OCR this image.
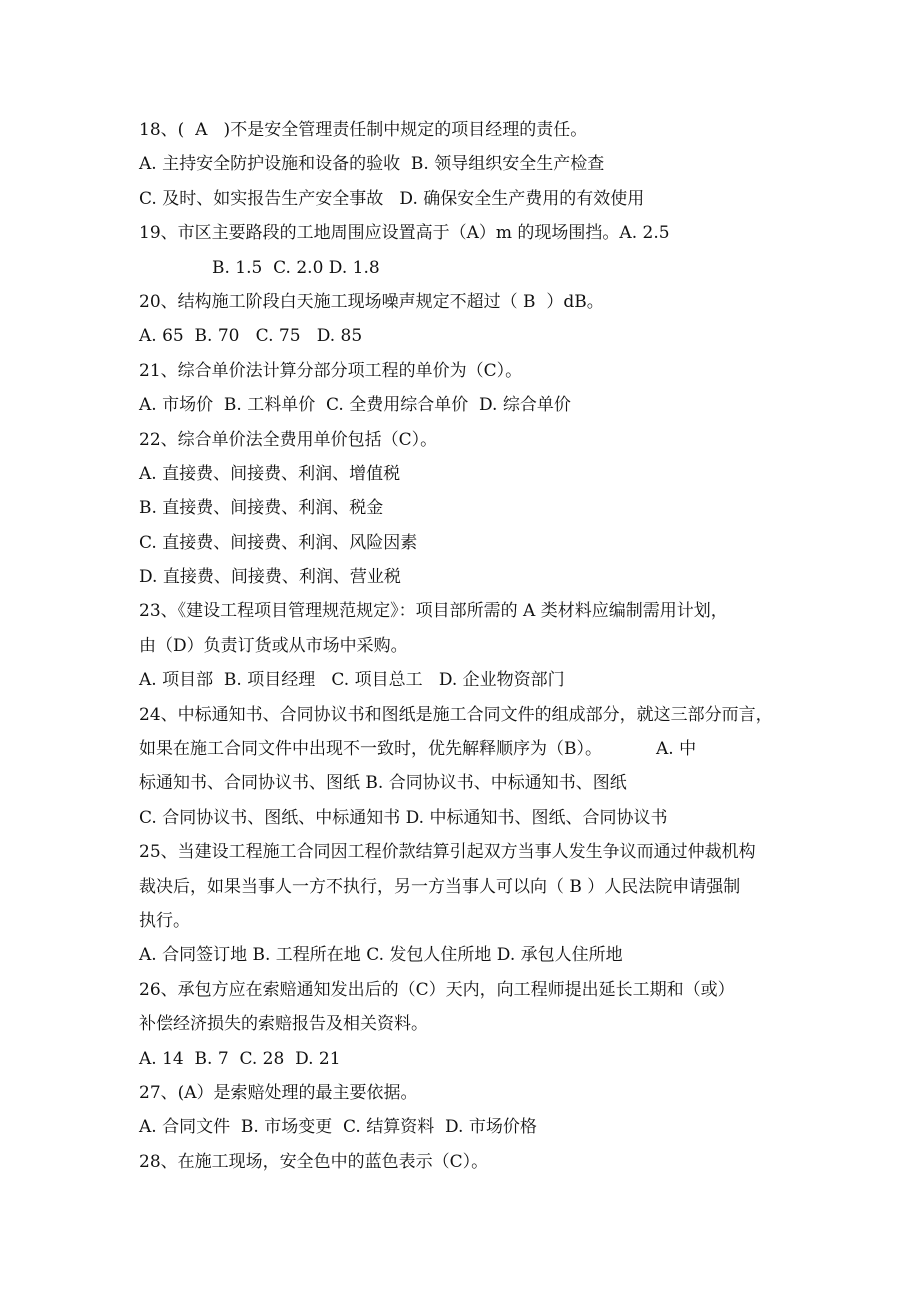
18、(  A   )不是安全管理责任制中规定的项目经理的责任。
A. 主持安全防护设施和设备的验收  B. 领导组织安全生产检查
C. 及时、如实报告生产安全事故   D. 确保安全生产费用的有效使用
19、市区主要路段的工地周围应设置高于（A）m 的现场围挡。A. 2.5
B. 1.5  C. 2.0 D. 1.8
20、结构施工阶段白天施工现场噪声规定不超过（ B  ）dB。
A. 65  B. 70   C. 75   D. 85
21、综合单价法计算分部分项工程的单价为（C）。
A. 市场价  B. 工料单价  C. 全费用综合单价  D. 综合单价
22、综合单价法全费用单价包括（C）。
A. 直接费、间接费、利润、增值税
B. 直接费、间接费、利润、税金
C. 直接费、间接费、利润、风险因素
D. 直接费、间接费、利润、营业税
23、《建设工程项目管理规范规定》：项目部所需的 A 类材料应编制需用计划，
由（D）负责订货或从市场中采购。
A. 项目部  B. 项目经理   C. 项目总工   D. 企业物资部门
24、中标通知书、合同协议书和图纸是施工合同文件的组成部分，就这三部分而言，
如果在施工合同文件中出现不一致时，优先解释顺序为（B）。          A. 中
标通知书、合同协议书、图纸 B. 合同协议书、中标通知书、图纸
C. 合同协议书、图纸、中标通知书 D. 中标通知书、图纸、合同协议书
25、当建设工程施工合同因工程价款结算引起双方当事人发生争议而通过仲裁机构
裁决后，如果当事人一方不执行，另一方当事人可以向（ B ）人民法院申请强制
执行。
A. 合同签订地 B. 工程所在地 C. 发包人住所地 D. 承包人住所地
26、承包方应在索赔通知发出后的（C）天内，向工程师提出延长工期和（或）
补偿经济损失的索赔报告及相关资料。
A. 14  B. 7  C. 28  D. 21
27、(A）是索赔处理的最主要依据。
A. 合同文件  B. 市场变更  C. 结算资料  D. 市场价格
28、在施工现场，安全色中的蓝色表示（C）。
